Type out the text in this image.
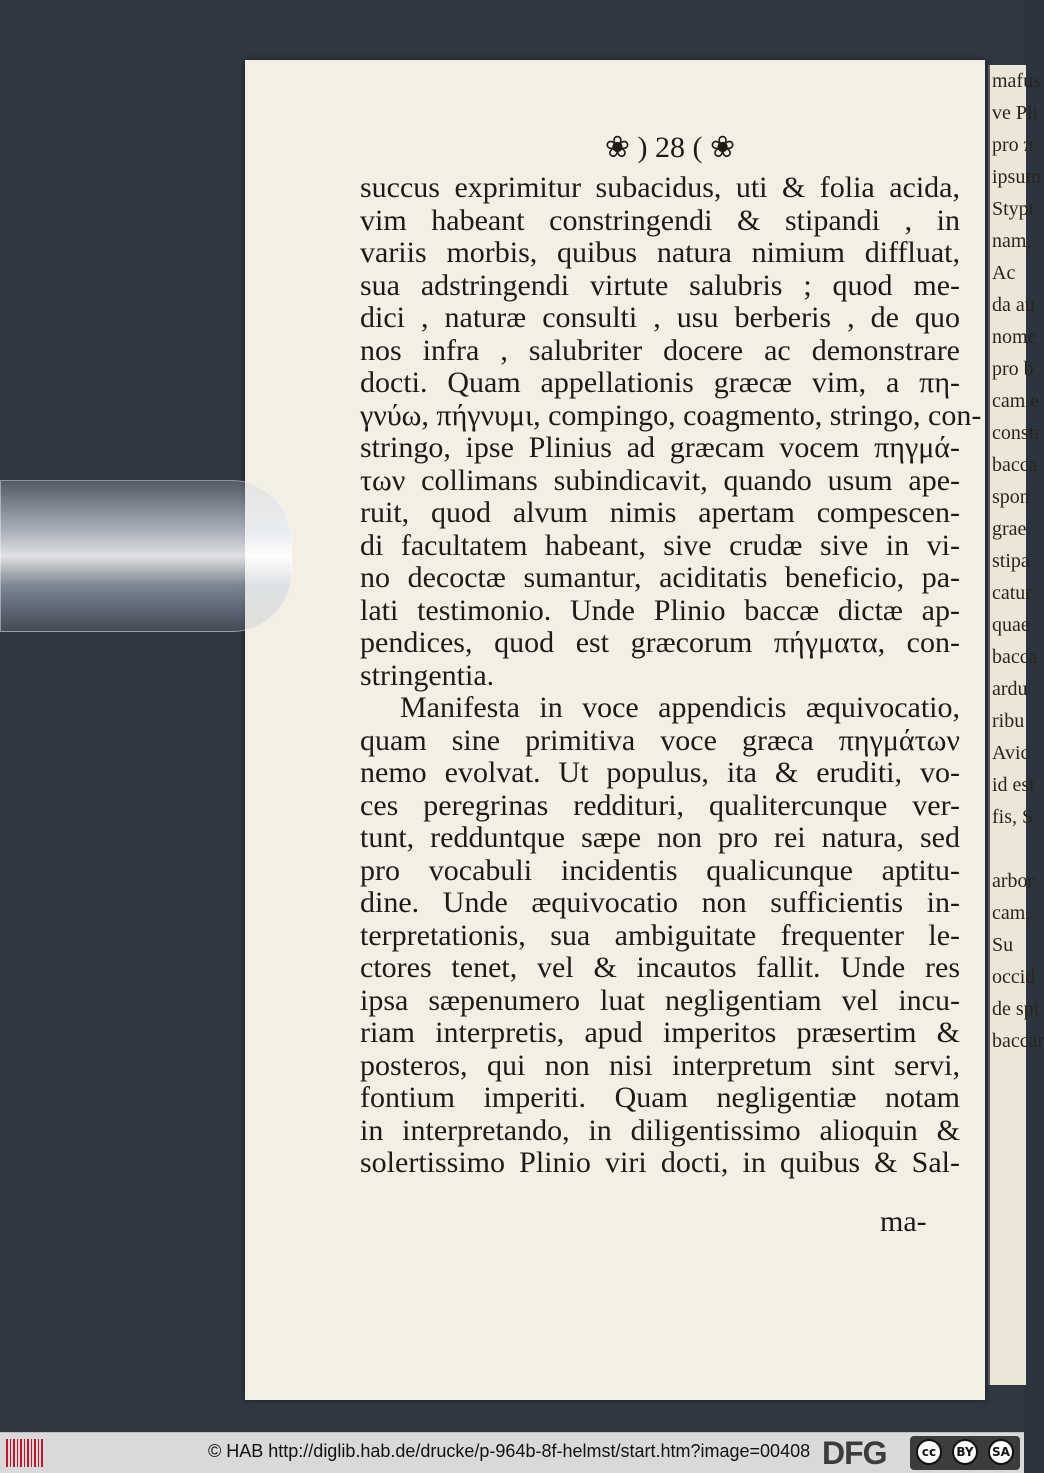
mafus
ve Pli
pro π
ipsum
Stypt
nam,
Ac
da au
nome
pro b
cam e
constr
bacca
spon
grae
stipa
catur
quae
bacca
ardu
ribu
Avic
id est
fis, S

arbor
cam,
Su
occid
de spi
baccar
❀ ) 28 ( ❀
succus exprimitur subacidus, uti & folia acida,
vim habeant constringendi & stipandi , in
variis morbis, quibus natura nimium diffluat,
sua adstringendi virtute salubris ; quod me-
dici , naturæ consulti , usu berberis , de quo
nos infra , salubriter docere ac demonstrare
docti. Quam appellationis græcæ vim, a πη-
γνύω, πήγνυμι, compingo, coagmento, stringo, con-
stringo, ipse Plinius ad græcam vocem πηγμά-
των collimans subindicavit, quando usum ape-
ruit, quod alvum nimis apertam compescen-
di facultatem habeant, sive crudæ sive in vi-
no decoctæ sumantur, aciditatis beneficio, pa-
lati testimonio. Unde Plinio baccæ dictæ ap-
pendices, quod est græcorum πήγματα, con-
stringentia.
Manifesta in voce appendicis æquivocatio,
quam sine primitiva voce græca πηγμάτων
nemo evolvat. Ut populus, ita & eruditi, vo-
ces peregrinas reddituri, qualitercunque ver-
tunt, redduntque sæpe non pro rei natura, sed
pro vocabuli incidentis qualicunque aptitu-
dine. Unde æquivocatio non sufficientis in-
terpretationis, sua ambiguitate frequenter le-
ctores tenet, vel & incautos fallit. Unde res
ipsa sæpenumero luat negligentiam vel incu-
riam interpretis, apud imperitos præsertim &
posteros, qui non nisi interpretum sint servi,
fontium imperiti. Quam negligentiæ notam
in interpretando, in diligentissimo alioquin &
solertissimo Plinio viri docti, in quibus & Sal-
ma-
© HAB http://diglib.hab.de/drucke/p-964b-8f-helmst/start.htm?image=00408 DFG	cc	BY	SA
